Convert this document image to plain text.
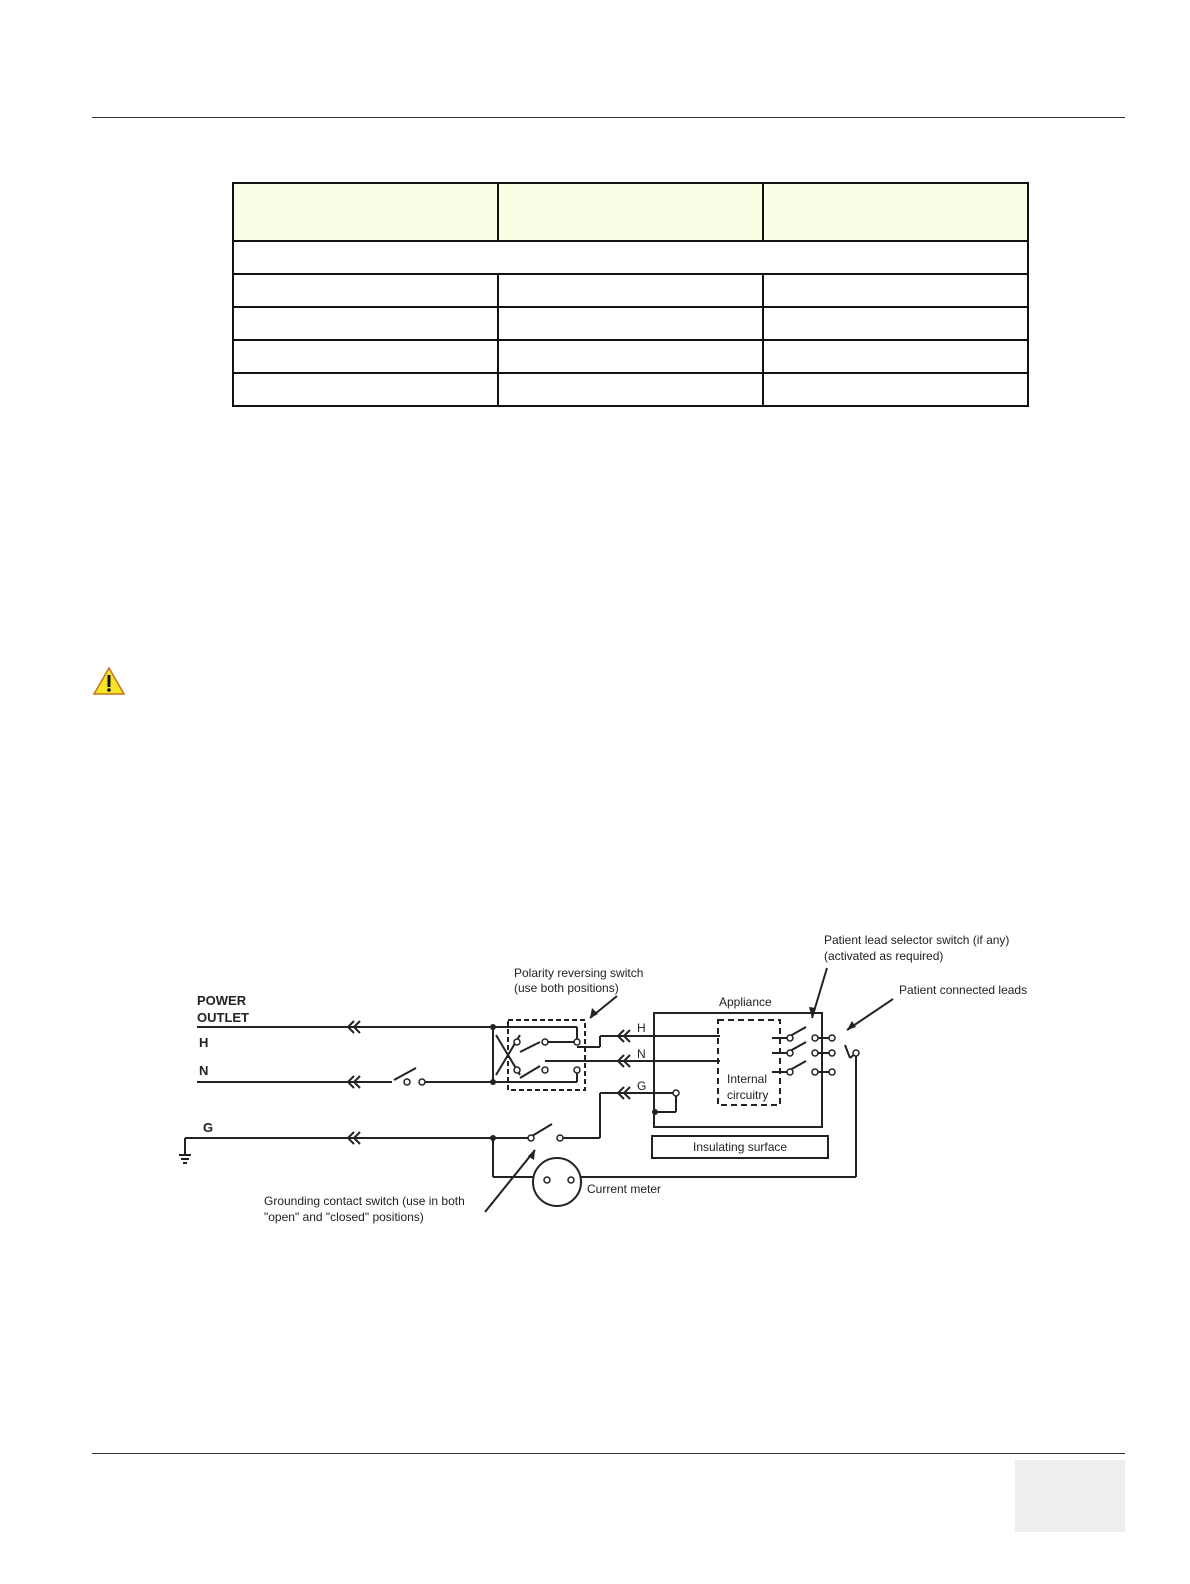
POWER
OUTLET
H
N
G
H
N
G
Polarity reversing switch
(use both positions)
Appliance
Patient lead selector switch (if any)
(activated as required)
Patient connected leads
Internal
circuitry
Insulating surface
Current meter
Grounding contact switch (use in both
"open" and "closed" positions)
